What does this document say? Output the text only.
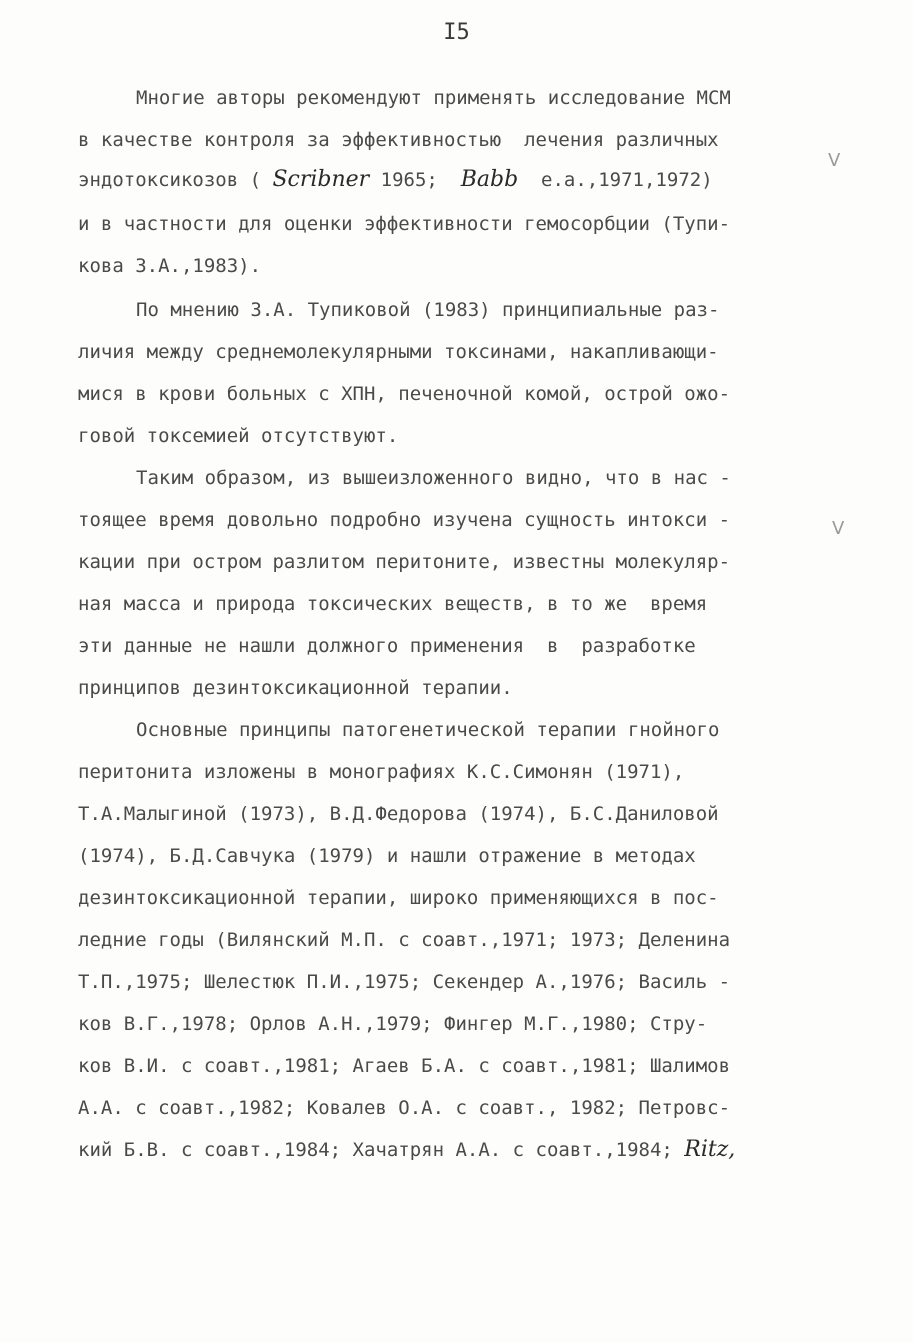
I5
Многие авторы рекомендуют применять исследование МСМ
в качестве контроля за эффективностью  лечения различных
эндотоксикозов ( Scribner 1965;  Babb  e.a.,1971,1972)
и в частности для оценки эффективности гемосорбции (Тупи-
кова З.А.,1983).
По мнению З.А. Тупиковой (1983) принципиальные раз-
личия между среднемолекулярными токсинами, накапливающи-
мися в крови больных с ХПН, печеночной комой, острой ожо-
говой токсемией отсутствуют.
Таким образом, из вышеизложенного видно, что в нас -
тоящее время довольно подробно изучена сущность интокси -
кации при остром разлитом перитоните, известны молекуляр-
ная масса и природа токсических веществ, в то же  время
эти данные не нашли должного применения  в  разработке
принципов дезинтоксикационной терапии.
Основные принципы патогенетической терапии гнойного
перитонита изложены в монографиях К.С.Симонян (1971),
Т.А.Малыгиной (1973), В.Д.Федорова (1974), Б.С.Даниловой
(1974), Б.Д.Савчука (1979) и нашли отражение в методах
дезинтоксикационной терапии, широко применяющихся в пос-
ледние годы (Вилянский М.П. с соавт.,1971; 1973; Деленина
Т.П.,1975; Шелестюк П.И.,1975; Секендер А.,1976; Василь -
ков В.Г.,1978; Орлов А.Н.,1979; Фингер М.Г.,1980; Стру-
ков В.И. с соавт.,1981; Агаев Б.А. с соавт.,1981; Шалимов
А.А. с соавт.,1982; Ковалев О.А. с соавт., 1982; Петровс-
кий Б.В. с соавт.,1984; Хачатрян А.А. с соавт.,1984; Ritz,
V
V
